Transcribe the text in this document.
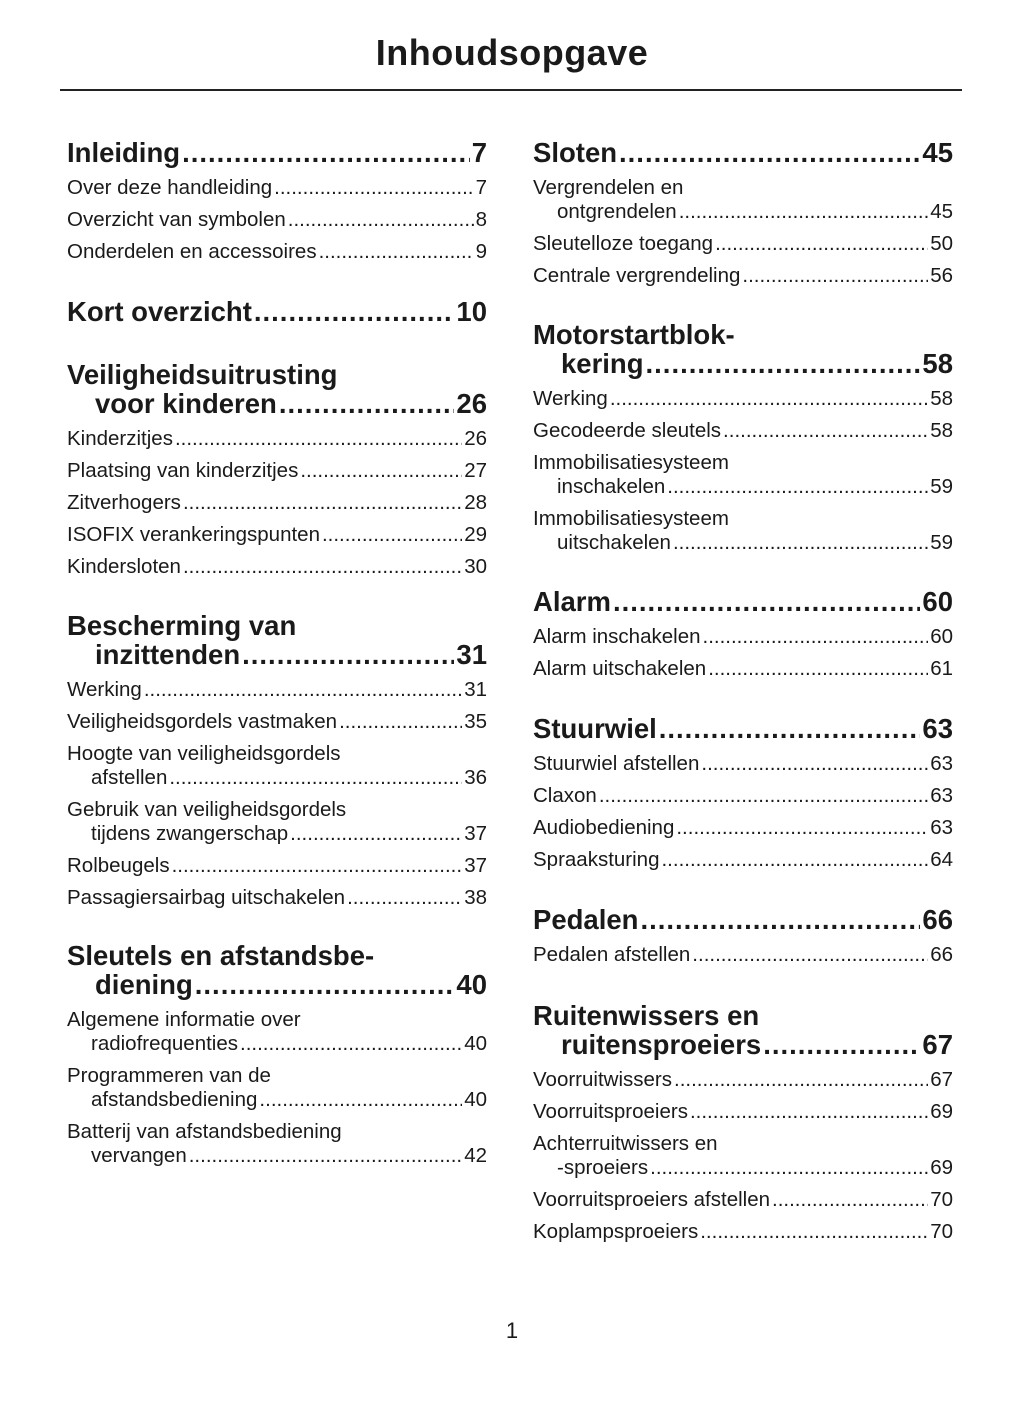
Inhoudsopgave
Inleiding .....	7
Over deze handleiding .....	7
Overzicht van symbolen .....	8
Onderdelen en accessoires .....	9
Kort overzicht .....	10
Veiligheidsuitrusting
voor kinderen .....	26
Kinderzitjes .....	26
Plaatsing van kinderzitjes .....	27
Zitverhogers .....	28
ISOFIX verankeringspunten .....	29
Kindersloten .....	30
Bescherming van
inzittenden .....	31
Werking .....	31
Veiligheidsgordels vastmaken .....	35
Hoogte van veiligheidsgordels
afstellen .....	36
Gebruik van veiligheidsgordels
tijdens zwangerschap .....	37
Rolbeugels .....	37
Passagiersairbag uitschakelen .....	38
Sleutels en afstandsbe-
diening .....	40
Algemene informatie over
radiofrequenties .....	40
Programmeren van de
afstandsbediening .....	40
Batterij van afstandsbediening
vervangen .....	42
Sloten .....	45
Vergrendelen en
ontgrendelen .....	45
Sleutelloze toegang .....	50
Centrale vergrendeling .....	56
Motorstartblok-
kering .....	58
Werking .....	58
Gecodeerde sleutels .....	58
Immobilisatiesysteem
inschakelen .....	59
Immobilisatiesysteem
uitschakelen .....	59
Alarm .....	60
Alarm inschakelen .....	60
Alarm uitschakelen .....	61
Stuurwiel .....	63
Stuurwiel afstellen .....	63
Claxon .....	63
Audiobediening .....	63
Spraaksturing .....	64
Pedalen .....	66
Pedalen afstellen .....	66
Ruitenwissers en
ruitensproeiers .....	67
Voorruitwissers .....	67
Voorruitsproeiers .....	69
Achterruitwissers en
-sproeiers .....	69
Voorruitsproeiers afstellen .....	70
Koplampsproeiers .....	70
1
